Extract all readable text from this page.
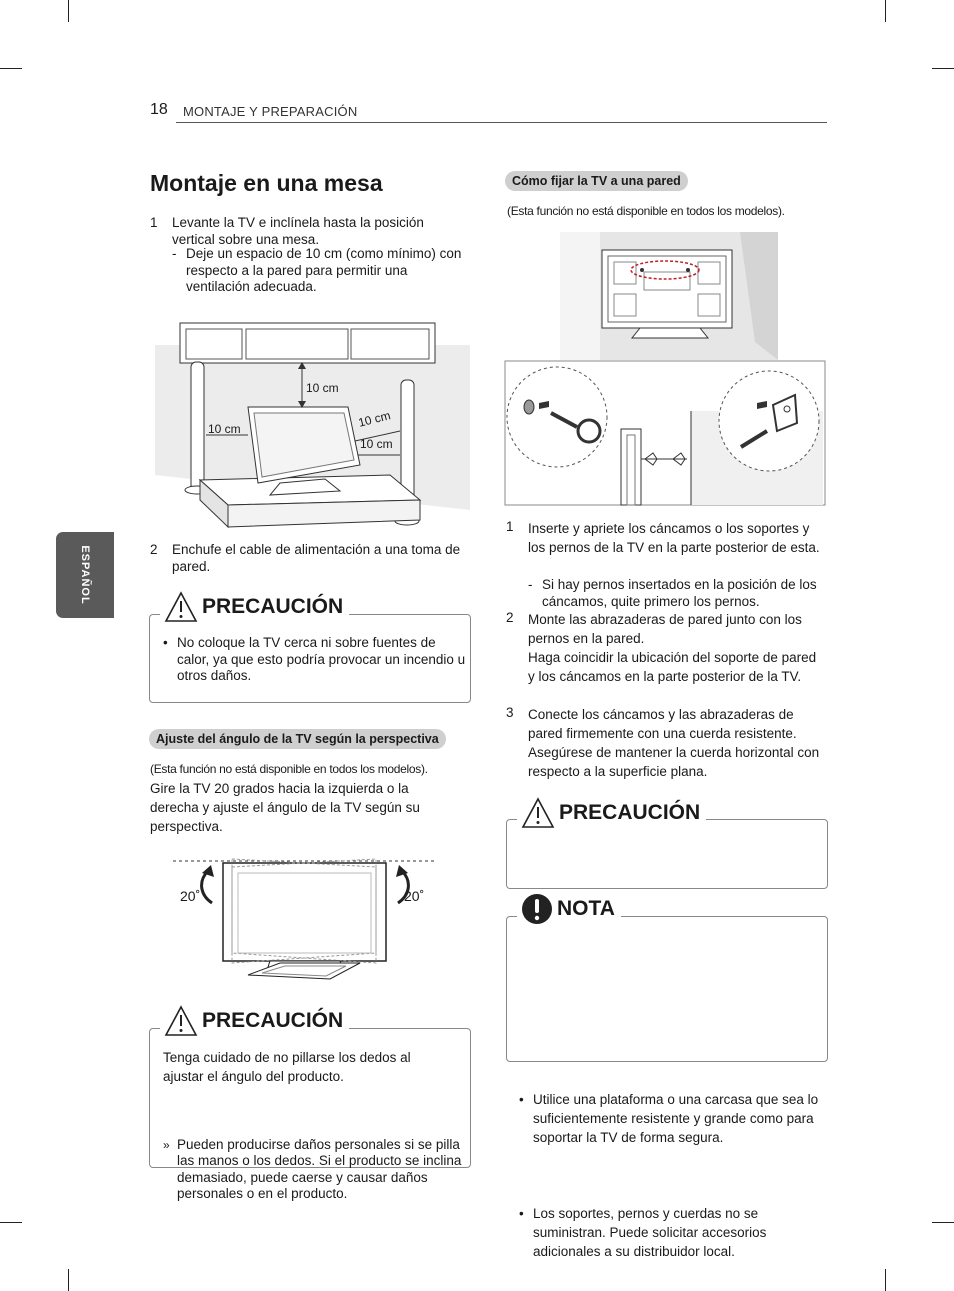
18 MONTAJE Y PREPARACIÓN
ESPAÑOL
Montaje en una mesa
1 Levante la TV e inclínela hasta la posición vertical sobre una mesa.
- Deje un espacio de 10 cm (como mínimo) con respecto a la pared para permitir una ventilación adecuada.
10 cm
10 cm	10 cm
10 cm
2 Enchufe el cable de alimentación a una toma de pared.
PRECAUCIÓN
• No coloque la TV cerca ni sobre fuentes de calor, ya que esto podría provocar un incendio u otros daños.
Ajuste del ángulo de la TV según la perspectiva
(Esta función no está disponible en todos los modelos).
Gire la TV 20 grados hacia la izquierda o la derecha y ajuste el ángulo de la TV según su perspectiva.
20˚	20˚
PRECAUCIÓN
Tenga cuidado de no pillarse los dedos al ajustar el ángulo del producto.
» Pueden producirse daños personales si se pilla las manos o los dedos. Si el producto se inclina demasiado, puede caerse y causar daños personales o en el producto.
Cómo fijar la TV a una pared
(Esta función no está disponible en todos los modelos).
1 Inserte y apriete los cáncamos o los soportes y los pernos de la TV en la parte posterior de esta.
- Si hay pernos insertados en la posición de los cáncamos, quite primero los pernos.
2 Monte las abrazaderas de pared junto con los pernos en la pared.
Haga coincidir la ubicación del soporte de pared y los cáncamos en la parte posterior de la TV.
3 Conecte los cáncamos y las abrazaderas de pared firmemente con una cuerda resistente.
Asegúrese de mantener la cuerda horizontal con respecto a la superficie plana.
PRECAUCIÓN
•
NOTA
• Utilice una plataforma o una carcasa que sea lo suficientemente resistente y grande como para soportar la TV de forma segura.
• Los soportes, pernos y cuerdas no se suministran. Puede solicitar accesorios adicionales a su distribuidor local.
